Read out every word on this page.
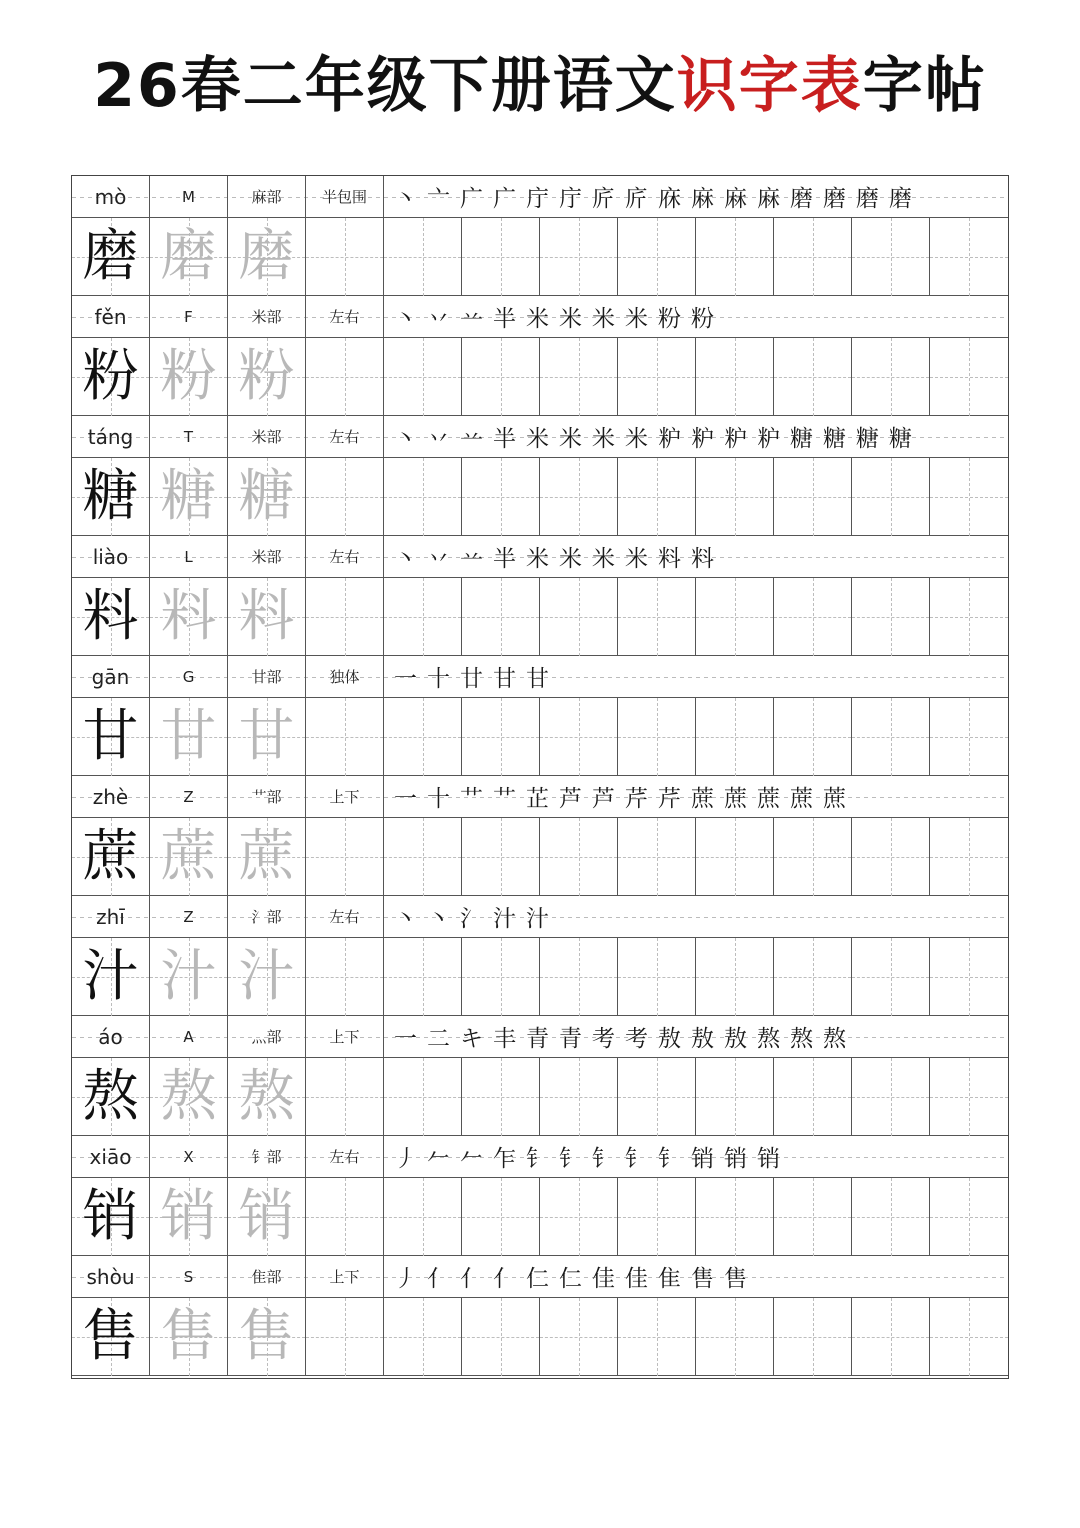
26春二年级下册语文识字表字帖
mò	M	麻部	半包围	丶 亠 广 广 庁 庁 庍 庍 庥 麻 麻 麻 磨 磨 磨 磨
磨 磨 磨
fěn	F	米部	左右	丶 丷 䒑 半 米 米 米 米 粉 粉
粉 粉 粉
táng	T	米部	左右	丶 丷 䒑 半 米 米 米 米 粐 粐 粐 粐 糖 糖 糖 糖
糖 糖 糖
liào	L	米部	左右	丶 丷 䒑 半 米 米 米 米 料 料
料 料 料
gān	G	甘部	独体	一 十 廿 甘 甘
甘 甘 甘
zhè	Z	艹部	上下	一 十 艹 艹 芷 芦 芦 芹 芹 蔗 蔗 蔗 蔗 蔗
蔗 蔗 蔗
zhī	Z	氵部	左右	丶 丶 氵 汁 汁
汁 汁 汁
áo	A	灬部	上下	一 二 キ 丰 青 青 考 考 敖 敖 敖 熬 熬 熬
熬 熬 熬
xiāo	X	钅部	左右	丿 𠂉 𠂉 乍 钅 钅 钅 钅 钅 销 销 销
销 销 销
shòu	S	隹部	上下	丿 亻 亻 亻 仁 仁 佳 佳 隹 售 售
售 售 售
